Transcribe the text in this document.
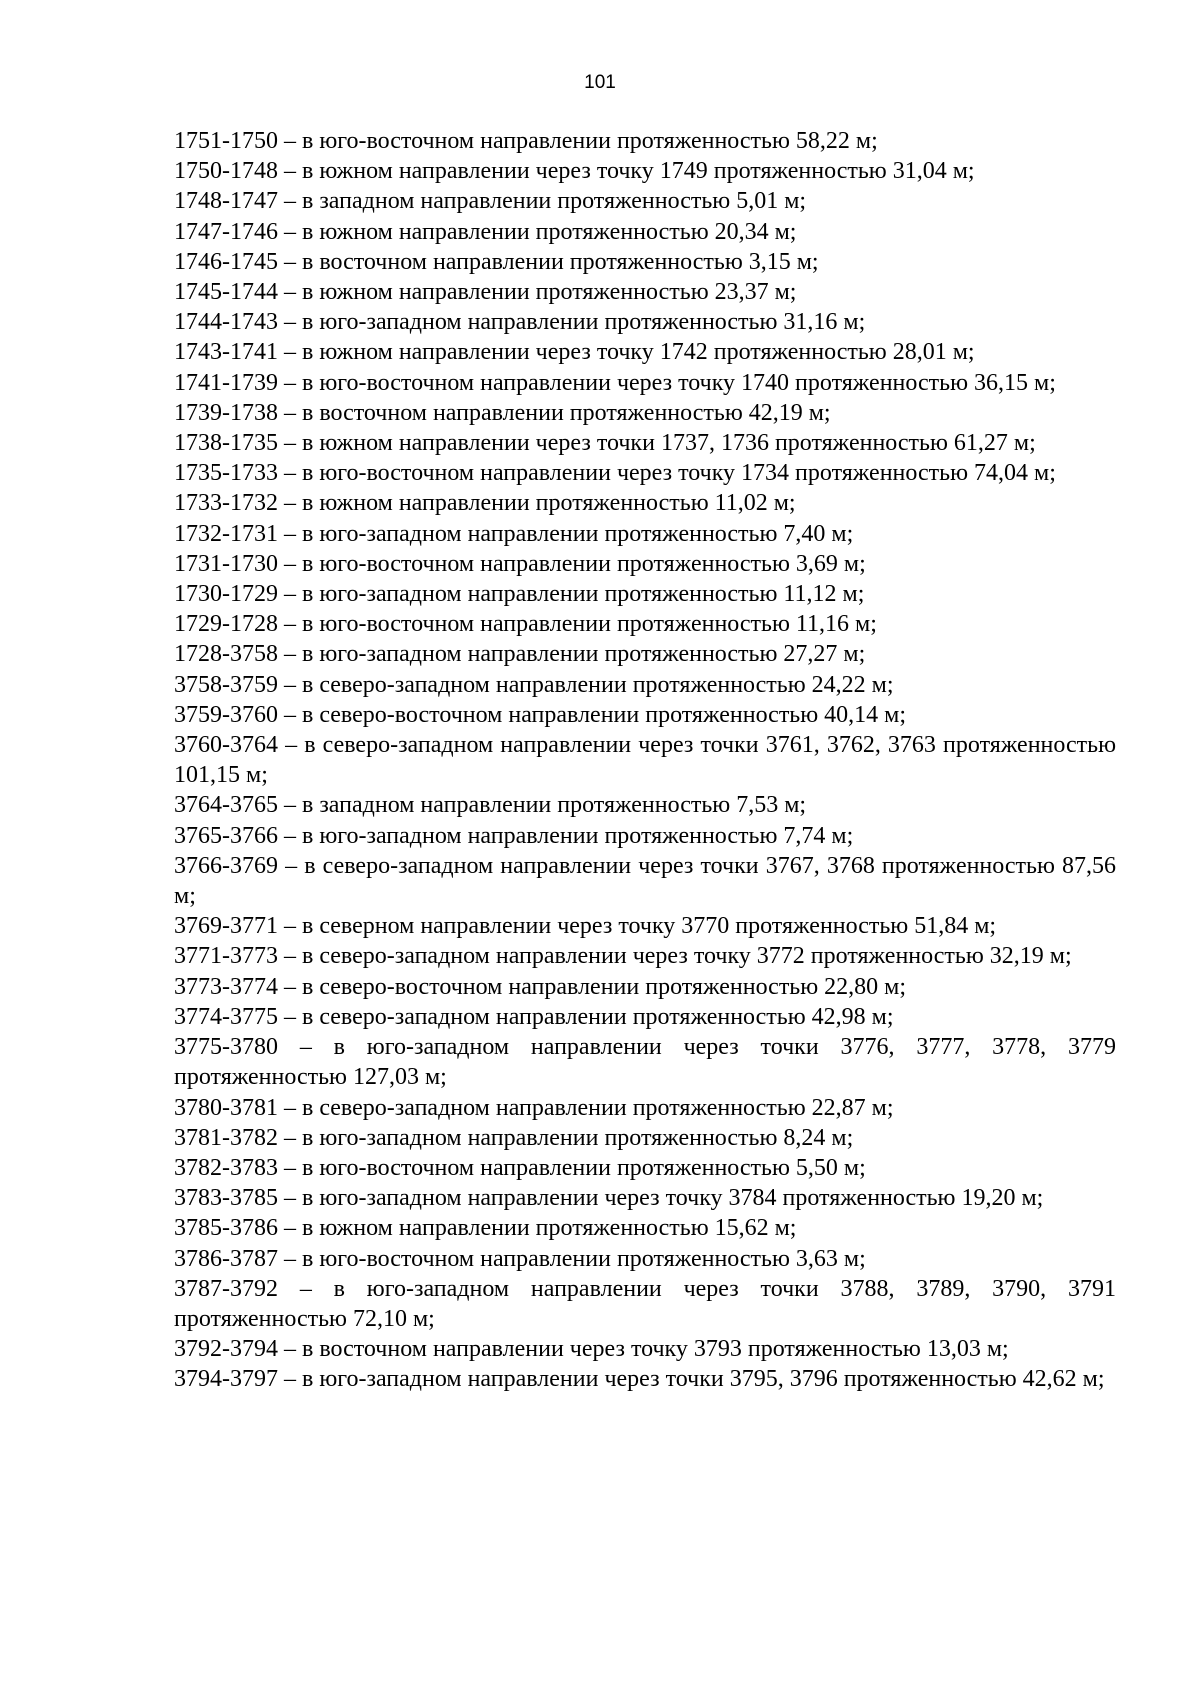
101

1751-1750 – в юго-восточном направлении протяженностью 58,22 м;

1750-1748 – в южном направлении через точку 1749 протяженностью 31,04 м;

1748-1747 – в западном направлении протяженностью 5,01 м;

1747-1746 – в южном направлении протяженностью 20,34 м;

1746-1745 – в восточном направлении протяженностью 3,15 м;

1745-1744 – в южном направлении протяженностью 23,37 м;

1744-1743 – в юго-западном направлении протяженностью 31,16 м;

1743-1741 – в южном направлении через точку 1742 протяженностью 28,01 м;

1741-1739 – в юго-восточном направлении через точку 1740 протяженностью 36,15 м;

1739-1738 – в восточном направлении протяженностью 42,19 м;

1738-1735 – в южном направлении через точки 1737, 1736 протяженностью 61,27 м;

1735-1733 – в юго-восточном направлении через точку 1734 протяженностью 74,04 м;

1733-1732 – в южном направлении протяженностью 11,02 м;

1732-1731 – в юго-западном направлении протяженностью 7,40 м;

1731-1730 – в юго-восточном направлении протяженностью 3,69 м;

1730-1729 – в юго-западном направлении протяженностью 11,12 м;

1729-1728 – в юго-восточном направлении протяженностью 11,16 м;

1728-3758 – в юго-западном направлении протяженностью 27,27 м;

3758-3759 – в северо-западном направлении протяженностью 24,22 м;

3759-3760 – в северо-восточном направлении протяженностью 40,14 м;

3760-3764 – в северо-западном направлении через точки 3761, 3762, 3763 протяженностью 101,15 м;

3764-3765 – в западном направлении протяженностью 7,53 м;

3765-3766 – в юго-западном направлении протяженностью 7,74 м;

3766-3769 – в северо-западном направлении через точки 3767, 3768 протяженностью 87,56 м;

3769-3771 – в северном направлении через точку 3770 протяженностью 51,84 м;

3771-3773 – в северо-западном направлении через точку 3772 протяженностью 32,19 м;

3773-3774 – в северо-восточном направлении протяженностью 22,80 м;

3774-3775 – в северо-западном направлении протяженностью 42,98 м;

3775-3780 – в юго-западном направлении через точки 3776, 3777, 3778, 3779 протяженностью 127,03 м;

3780-3781 – в северо-западном направлении протяженностью 22,87 м;

3781-3782 – в юго-западном направлении протяженностью 8,24 м;

3782-3783 – в юго-восточном направлении протяженностью 5,50 м;

3783-3785 – в юго-западном направлении через точку 3784 протяженностью 19,20 м;

3785-3786 – в южном направлении протяженностью 15,62 м;

3786-3787 – в юго-восточном направлении протяженностью 3,63 м;

3787-3792 – в юго-западном направлении через точки 3788, 3789, 3790, 3791 протяженностью 72,10 м;

3792-3794 – в восточном направлении через точку 3793 протяженностью 13,03 м;

3794-3797 – в юго-западном направлении через точки 3795, 3796 протяженностью 42,62 м;
